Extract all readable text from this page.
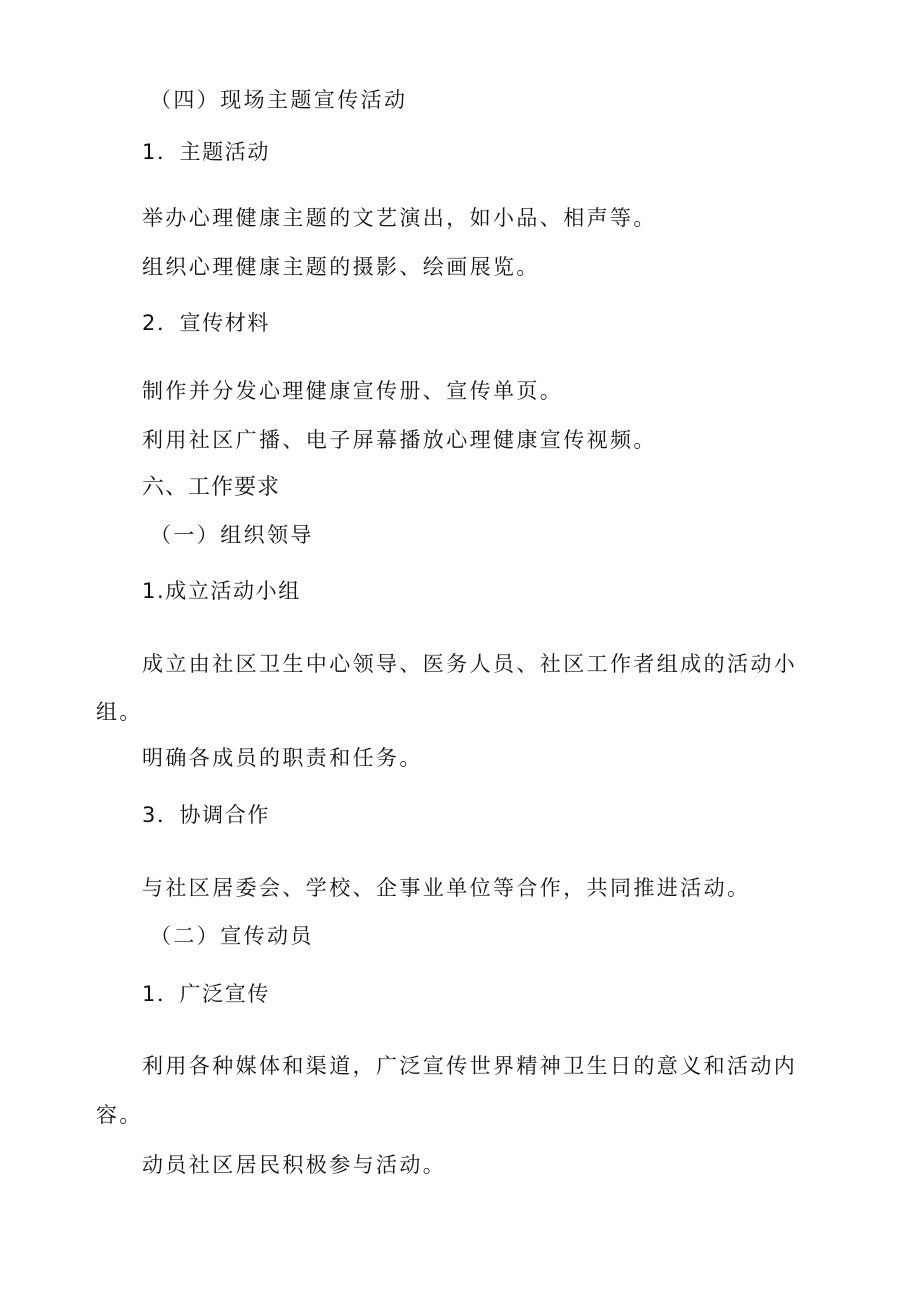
（四）现场主题宣传活动
1．主题活动
举办心理健康主题的文艺演出，如小品、相声等。
组织心理健康主题的摄影、绘画展览。
2．宣传材料
制作并分发心理健康宣传册、宣传单页。
利用社区广播、电子屏幕播放心理健康宣传视频。
六、工作要求
（一）组织领导
1.成立活动小组
成立由社区卫生中心领导、医务人员、社区工作者组成的活动小
组。
明确各成员的职责和任务。
3．协调合作
与社区居委会、学校、企事业单位等合作，共同推进活动。
（二）宣传动员
1．广泛宣传
利用各种媒体和渠道，广泛宣传世界精神卫生日的意义和活动内
容。
动员社区居民积极参与活动。
